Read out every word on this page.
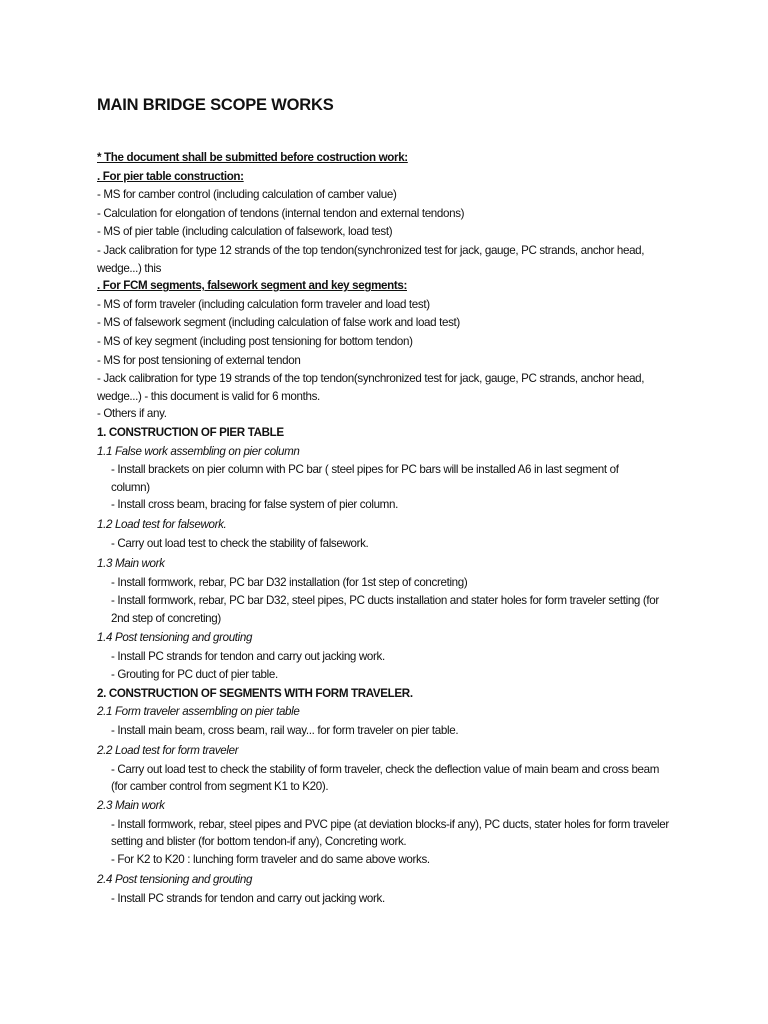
MAIN BRIDGE SCOPE WORKS
* The document shall be submitted before costruction work:
. For pier table construction:
- MS for camber control (including calculation of camber value)
- Calculation for elongation of tendons (internal tendon and external tendons)
- MS of pier table (including calculation of falsework, load test)
- Jack calibration for type 12 strands of the top tendon(synchronized test for jack, gauge, PC strands, anchor head, wedge...) this
. For FCM segments, falsework segment and key segments:
- MS of form traveler (including calculation form traveler and load test)
- MS of falsework segment (including calculation of false work and load test)
- MS of key segment (including post tensioning for bottom tendon)
- MS for post tensioning of external tendon
- Jack calibration for type 19 strands of the top tendon(synchronized test for jack, gauge, PC strands, anchor head, wedge...) - this document is valid for 6 months.
- Others if any.
1. CONSTRUCTION OF PIER TABLE
1.1 False work assembling on pier column
- Install brackets on pier column with PC bar ( steel pipes for PC bars will be installed A6 in last segment of column)
- Install cross beam, bracing for false system of pier column.
1.2 Load test for falsework.
- Carry out load test to check the stability of falsework.
1.3 Main work
- Install formwork, rebar, PC bar D32 installation (for 1st step of concreting)
- Install formwork, rebar, PC bar D32, steel pipes, PC ducts installation and stater holes for form traveler setting (for 2nd step of concreting)
1.4 Post tensioning and grouting
- Install PC strands for tendon and carry out jacking work.
- Grouting for PC duct of pier table.
2. CONSTRUCTION OF SEGMENTS WITH FORM TRAVELER.
2.1 Form traveler assembling on pier table
- Install main beam, cross beam, rail way... for form traveler on pier table.
2.2 Load test for form traveler
- Carry out load test to check the stability of form traveler, check the deflection value of main beam and cross beam (for camber control from segment K1 to K20).
2.3 Main work
- Install formwork, rebar, steel pipes and PVC pipe (at deviation blocks-if any), PC ducts, stater holes for form traveler setting and blister (for bottom tendon-if any), Concreting work.
- For K2 to K20 : lunching form traveler and do same above works.
2.4 Post tensioning and grouting
- Install PC strands for tendon and carry out jacking work.
